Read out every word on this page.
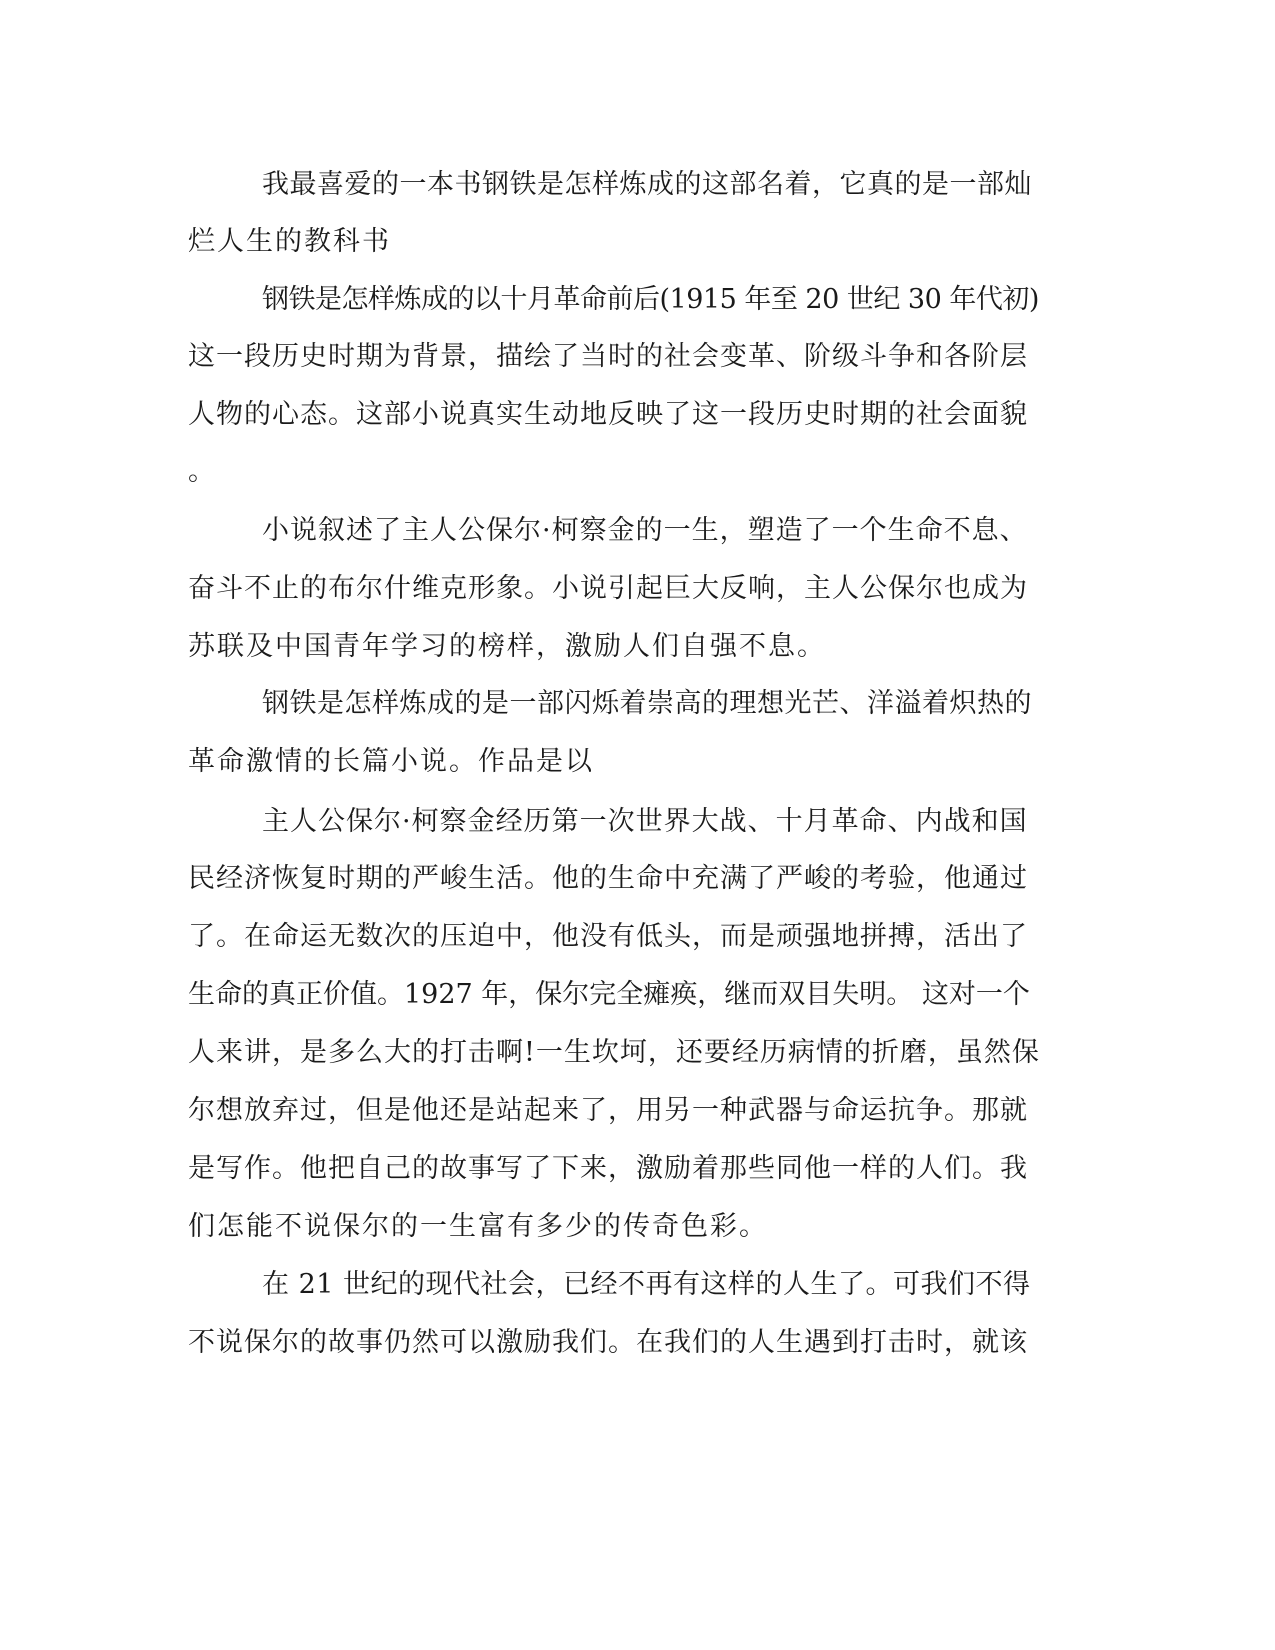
我最喜爱的一本书钢铁是怎样炼成的这部名着，它真的是一部灿
烂人生的教科书
钢铁是怎样炼成的以十月革命前后(1915 年至 20 世纪 30 年代初)
这一段历史时期为背景，描绘了当时的社会变革、阶级斗争和各阶层
人物的心态。这部小说真实生动地反映了这一段历史时期的社会面貌
。
小说叙述了主人公保尔·柯察金的一生，塑造了一个生命不息、
奋斗不止的布尔什维克形象。小说引起巨大反响，主人公保尔也成为
苏联及中国青年学习的榜样，激励人们自强不息。
钢铁是怎样炼成的是一部闪烁着崇高的理想光芒、洋溢着炽热的
革命激情的长篇小说。作品是以
主人公保尔·柯察金经历第一次世界大战、十月革命、内战和国
民经济恢复时期的严峻生活。他的生命中充满了严峻的考验，他通过
了。在命运无数次的压迫中，他没有低头，而是顽强地拼搏，活出了
生命的真正价值。1927 年，保尔完全瘫痪，继而双目失明。 这对一个
人来讲，是多么大的打击啊!一生坎坷，还要经历病情的折磨，虽然保
尔想放弃过，但是他还是站起来了，用另一种武器与命运抗争。那就
是写作。他把自己的故事写了下来，激励着那些同他一样的人们。我
们怎能不说保尔的一生富有多少的传奇色彩。
在 21 世纪的现代社会，已经不再有这样的人生了。可我们不得
不说保尔的故事仍然可以激励我们。在我们的人生遇到打击时，就该
